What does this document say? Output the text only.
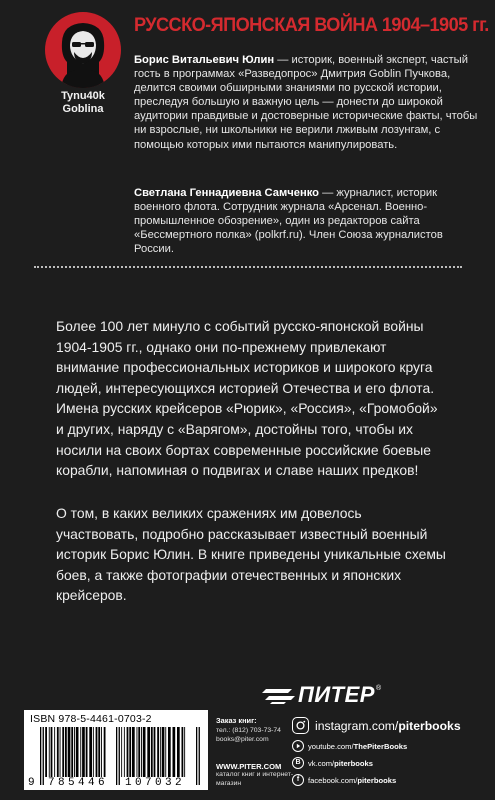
Tynu40k
Goblina
РУССКО-ЯПОНСКАЯ ВОЙНА 1904–1905 гг.
Борис Витальевич Юлин — историк, военный эксперт, частый гость в программах «Разведопрос» Дмитрия Goblin Пучкова, делится своими обширными знаниями по русской истории, преследуя большую и важную цель — донести до широкой аудитории правдивые и достоверные исторические факты, чтобы ни взрослые, ни школьники не верили лживым лозунгам, с помощью которых ими пытаются манипулировать.
Светлана Геннадиевна Самченко — журналист, историк военного флота. Сотрудник журнала «Арсенал. Военно-промышленное обозрение», один из редакторов сайта «Бессмертного полка» (polkrf.ru). Член Союза журналистов России.

Более 100 лет минуло с событий русско-японской войны 1904-1905 гг., однако они по-прежнему привлекают внимание профессиональных историков и широкого круга людей, интересующихся историей Отечества и его флота. Имена русских крейсеров «Рюрик», «Россия», «Громобой» и других, наряду с «Варягом», достойны того, чтобы их носили на своих бортах современные российские боевые корабли, напоминая о подвигах и славе наших предков!

О том, в каких великих сражениях им довелось участвовать, подробно рассказывает известный военный историк Борис Юлин. В книге приведены уникальные схемы боев, а также фотографии отечественных и японских крейсеров.

ПИТЕР ®
ISBN 978-5-4461-0703-2
9 785446 107032
Заказ книг:
тел.: (812) 703-73-74
books@piter.com
WWW.PITER.COM
каталог книг и интернет-магазин
instagram.com/ piterbooks
youtube.com/ ThePiterBooks
B vk.com/ piterbooks
f	facebook.com/ piterbooks
